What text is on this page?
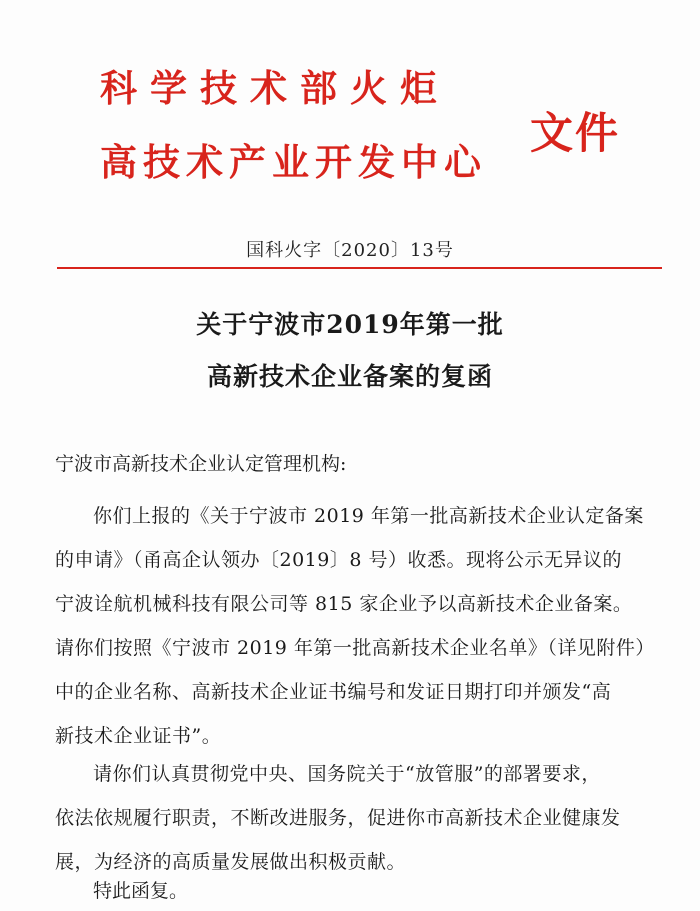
科学技术部火炬
高技术产业开发中心
文件
国科火字〔2020〕13号
关于宁波市2019年第一批
高新技术企业备案的复函
宁波市高新技术企业认定管理机构:
你们上报的《关于宁波市 2019 年第一批高新技术企业认定备案
的申请》（甬高企认领办〔2019〕8 号）收悉。现将公示无异议的
宁波诠航机械科技有限公司等 815 家企业予以高新技术企业备案。
请你们按照《宁波市 2019 年第一批高新技术企业名单》（详见附件）
中的企业名称、高新技术企业证书编号和发证日期打印并颁发“高
新技术企业证书”。
请你们认真贯彻党中央、国务院关于“放管服”的部署要求，
依法依规履行职责，不断改进服务，促进你市高新技术企业健康发
展，为经济的高质量发展做出积极贡献。
特此函复。
